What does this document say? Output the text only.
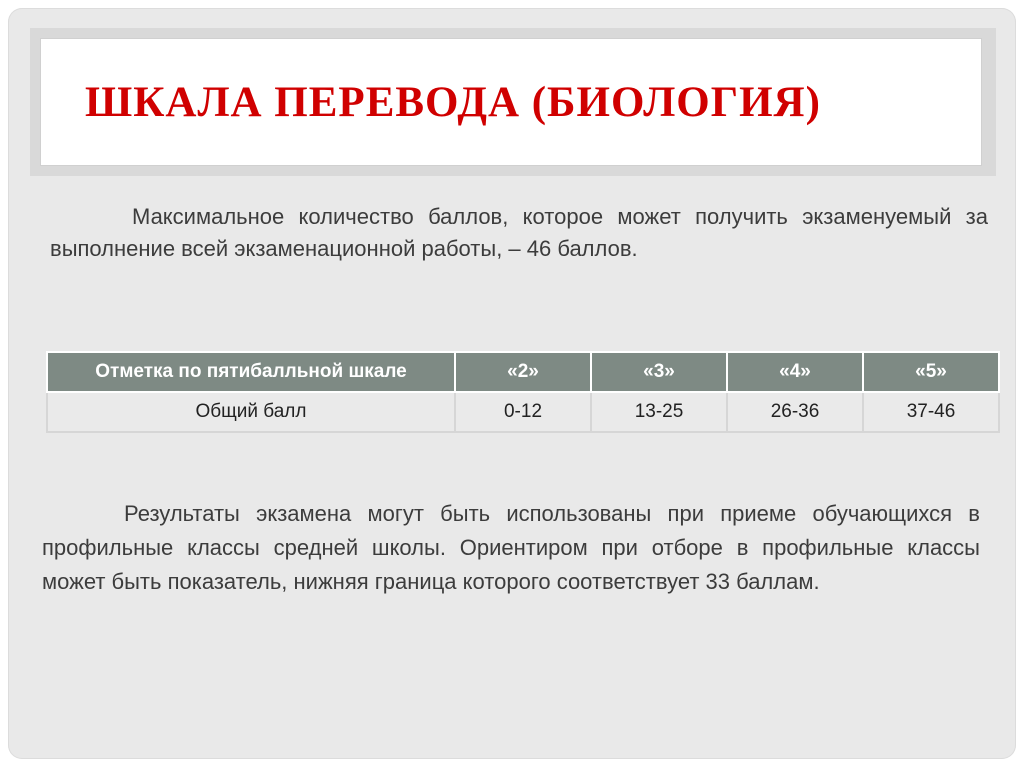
ШКАЛА ПЕРЕВОДА (БИОЛОГИЯ)
Максимальное количество баллов, которое может получить экзаменуемый за выполнение всей экзаменационной работы, – 46 баллов.
Отметка по пятибалльной шкале	«2»	«3»	«4»	«5»
Общий балл	0-12	13-25	26-36	37-46
Результаты экзамена могут быть использованы при приеме обучающихся в профильные классы средней школы. Ориентиром при отборе в профильные классы может быть показатель, нижняя граница которого соответствует 33 баллам.
